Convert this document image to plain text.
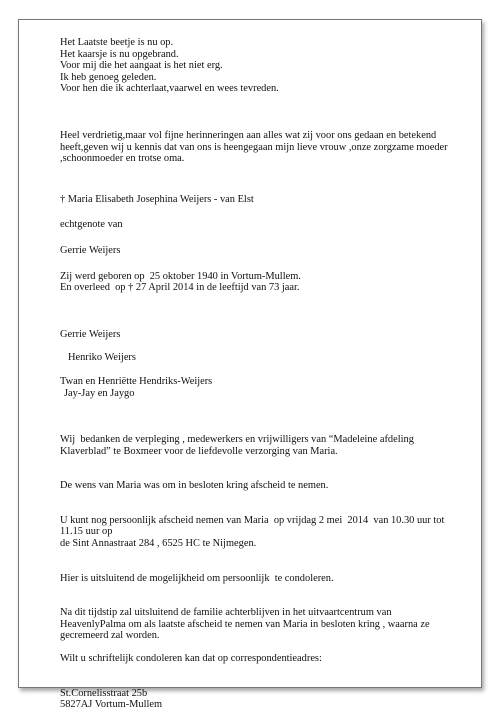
Het Laatste beetje is nu op.
Het kaarsje is nu opgebrand.
Voor mij die het aangaat is het niet erg.
Ik heb genoeg geleden.
Voor hen die ik achterlaat,vaarwel en wees tevreden.
Heel verdrietig,maar vol fijne herinneringen aan alles wat zij voor ons gedaan en betekend
heeft,geven wij u kennis dat van ons is heengegaan mijn lieve vrouw ,onze zorgzame moeder
,schoonmoeder en trotse oma.
† Maria Elisabeth Josephina Weijers - van Elst
echtgenote van
Gerrie Weijers
Zij werd geboren op  25 oktober 1940 in Vortum-Mullem.
En overleed  op † 27 April 2014 in de leeftijd van 73 jaar.
Gerrie Weijers
Henriko Weijers
Twan en Henriëtte Hendriks-Weijers
Jay-Jay en Jaygo
Wij  bedanken de verpleging , medewerkers en vrijwilligers van “Madeleine afdeling
Klaverblad” te Boxmeer voor de liefdevolle verzorging van Maria.
De wens van Maria was om in besloten kring afscheid te nemen.
U kunt nog persoonlijk afscheid nemen van Maria  op vrijdag 2 mei  2014  van 10.30 uur tot
11.15 uur op
de Sint Annastraat 284 , 6525 HC te Nijmegen.
Hier is uitsluitend de mogelijkheid om persoonlijk  te condoleren.
Na dit tijdstip zal uitsluitend de familie achterblijven in het uitvaartcentrum van
HeavenlyPalma om als laatste afscheid te nemen van Maria in besloten kring , waarna ze
gecremeerd zal worden.
Wilt u schriftelijk condoleren kan dat op correspondentieadres:
St.Cornelisstraat 25b
5827AJ Vortum-Mullem
